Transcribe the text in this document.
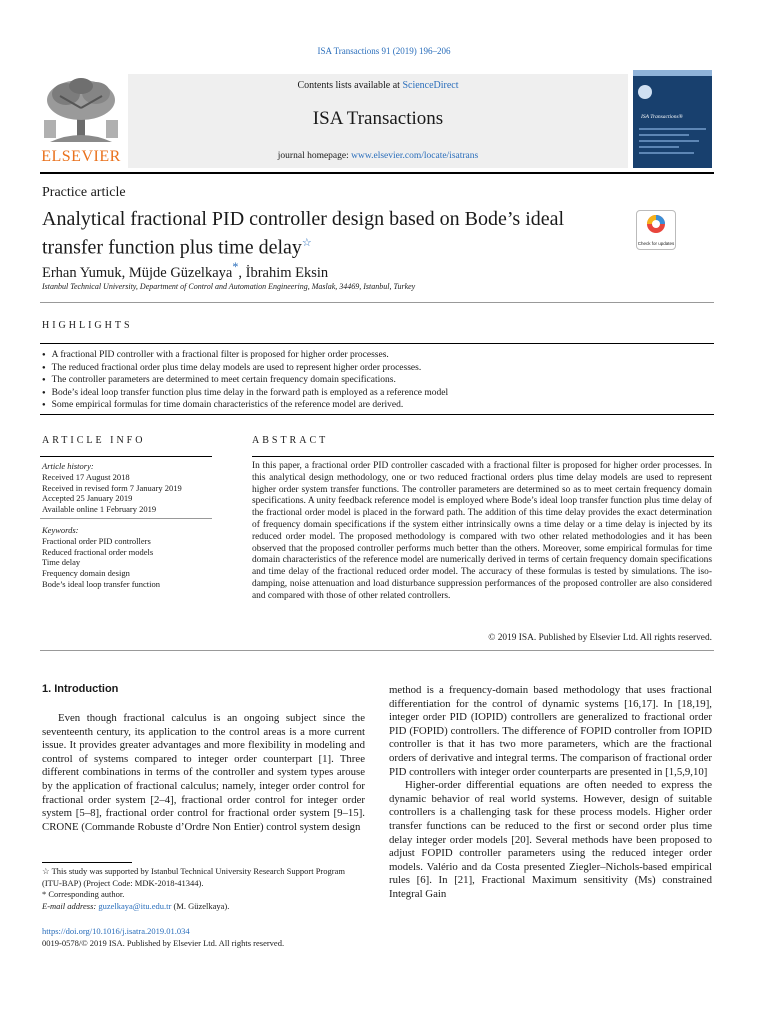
ISA Transactions 91 (2019) 196–206
Contents lists available at ScienceDirect
ISA Transactions
journal homepage: www.elsevier.com/locate/isatrans
ELSEVIER
ISA Transactions®
Practice article
Analytical fractional PID controller design based on Bode’s ideal transfer function plus time delay☆	Check for updates
Erhan Yumuk, Müjde Güzelkaya*, İbrahim Eksin
Istanbul Technical University, Department of Control and Automation Engineering, Maslak, 34469, Istanbul, Turkey
HIGHLIGHTS
● A fractional PID controller with a fractional filter is proposed for higher order processes.
● The reduced fractional order plus time delay models are used to represent higher order processes.
● The controller parameters are determined to meet certain frequency domain specifications.
● Bode’s ideal loop transfer function plus time delay in the forward path is employed as a reference model
● Some empirical formulas for time domain characteristics of the reference model are derived.
ARTICLE INFO	ABSTRACT
Article history:
Received 17 August 2018
Received in revised form 7 January 2019
Accepted 25 January 2019
Available online 1 February 2019
Keywords:
Fractional order PID controllers
Reduced fractional order models
Time delay
Frequency domain design
Bode’s ideal loop transfer function
In this paper, a fractional order PID controller cascaded with a fractional filter is proposed for higher order processes. In this analytical design methodology, one or two reduced fractional orders plus time delay models are used to represent higher order system transfer functions. The controller parameters are determined so as to meet certain frequency domain specifications. A unity feedback reference model is employed where Bode’s ideal loop transfer function plus time delay of the fractional order model is placed in the forward path. The addition of this time delay provides the exact determination of frequency domain specifications if the system either intrinsically owns a time delay or a time delay is injected by its reduced order model. The proposed methodology is compared with two other related methodologies and it has been observed that the proposed controller performs much better than the others. Moreover, some empirical formulas for time domain characteristics of the reference model are numerically derived in terms of certain frequency domain specifications and time delay of the fractional reduced order model. The accuracy of these formulas is tested by simulations. The iso-damping, noise attenuation and load disturbance suppression performances of the proposed controller are also considered and compared with those of other related controllers.
© 2019 ISA. Published by Elsevier Ltd. All rights reserved.
1. Introduction

Even though fractional calculus is an ongoing subject since the seventeenth century, its application to the control areas is a more current issue. It provides greater advantages and more flexibility in modeling and control of systems compared to integer order counterpart [1]. Three different combinations in terms of the controller and system types arouse by the application of fractional calculus; namely, integer order control for fractional order system [2–4], fractional order control for integer order system [5–8], fractional order control for fractional order system [9–15]. CRONE (Commande Robuste d’Ordre Non Entier) control system design

method is a frequency-domain based methodology that uses fractional differentiation for the control of dynamic systems [16,17]. In [18,19], integer order PID (IOPID) controllers are generalized to fractional order PID (FOPID) controllers. The difference of FOPID controller from IOPID controller is that it has two more parameters, which are the fractional orders of derivative and integral terms. The comparison of fractional order PID controllers with integer order counterparts are presented in [1,5,9,10]

Higher-order differential equations are often needed to express the dynamic behavior of real world systems. However, design of suitable controllers is a challenging task for these process models. Higher order transfer functions can be reduced to the first or second order plus time delay integer order models [20]. Several methods have been proposed to adjust FOPID controller parameters using the reduced integer order models. Valério and da Costa presented Ziegler–Nichols-based empirical rules [6]. In [21], Fractional Maximum sensitivity (Ms) constrained Integral Gain

☆ This study was supported by Istanbul Technical University Research Support Program (ITU-BAP) (Project Code: MDK-2018-41344).

* Corresponding author.

E-mail address: guzelkaya@itu.edu.tr (M. Güzelkaya).

https://doi.org/10.1016/j.isatra.2019.01.034
0019-0578/© 2019 ISA. Published by Elsevier Ltd. All rights reserved.
